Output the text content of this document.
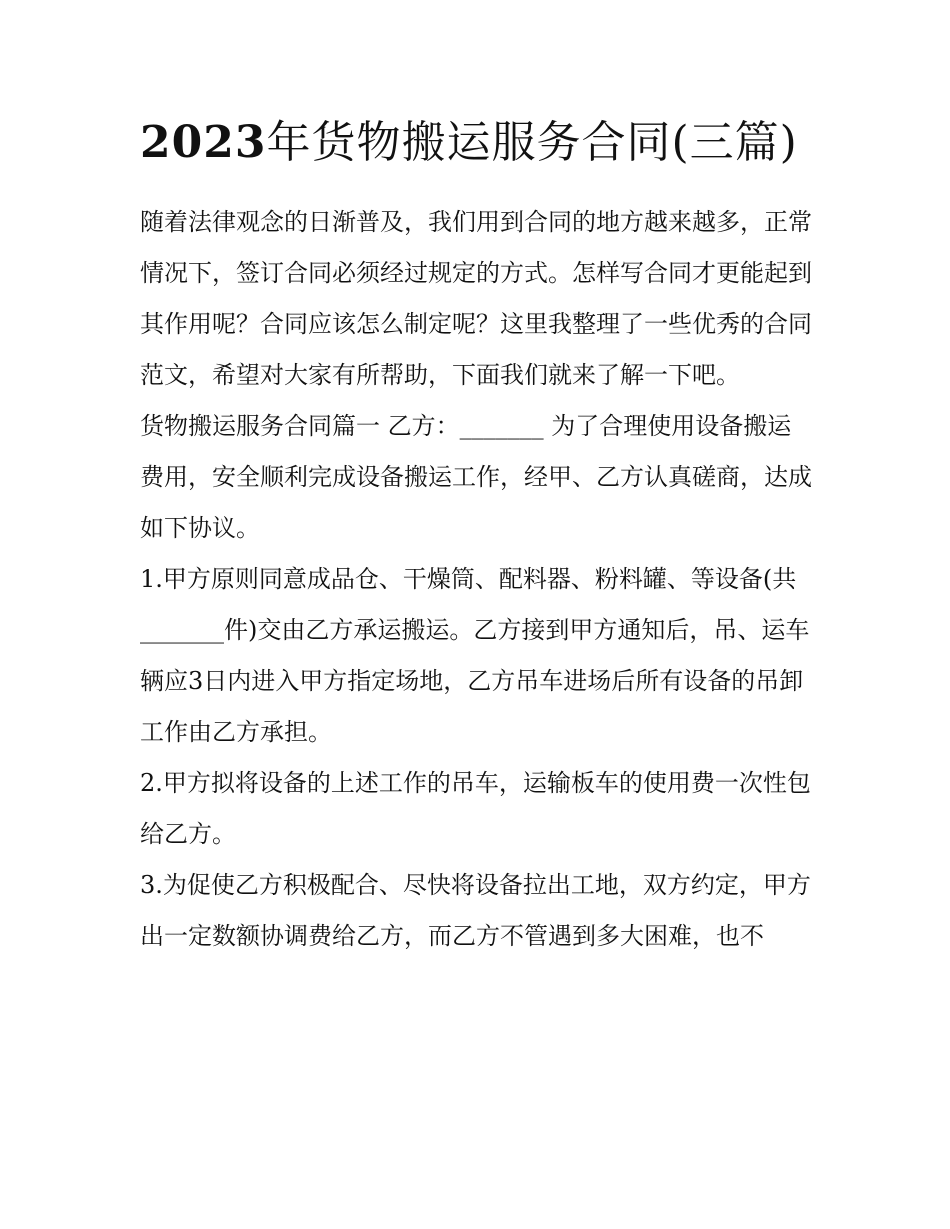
2023年货物搬运服务合同(三篇)

随着法律观念的日渐普及，我们用到合同的地方越来越多，正常情况下，签订合同必须经过规定的方式。怎样写合同才更能起到其作用呢？合同应该怎么制定呢？这里我整理了一些优秀的合同范文，希望对大家有所帮助，下面我们就来了解一下吧。

货物搬运服务合同篇一 乙方：_______ 为了合理使用设备搬运费用，安全顺利完成设备搬运工作，经甲、乙方认真磋商，达成如下协议。

1.甲方原则同意成品仓、干燥筒、配料器、粉料罐、等设备(共_______件)交由乙方承运搬运。乙方接到甲方通知后，吊、运车辆应3日内进入甲方指定场地，乙方吊车进场后所有设备的吊卸工作由乙方承担。

2.甲方拟将设备的上述工作的吊车，运输板车的使用费一次性包给乙方。

3.为促使乙方积极配合、尽快将设备拉出工地，双方约定，甲方出一定数额协调费给乙方，而乙方不管遇到多大困难，也不
